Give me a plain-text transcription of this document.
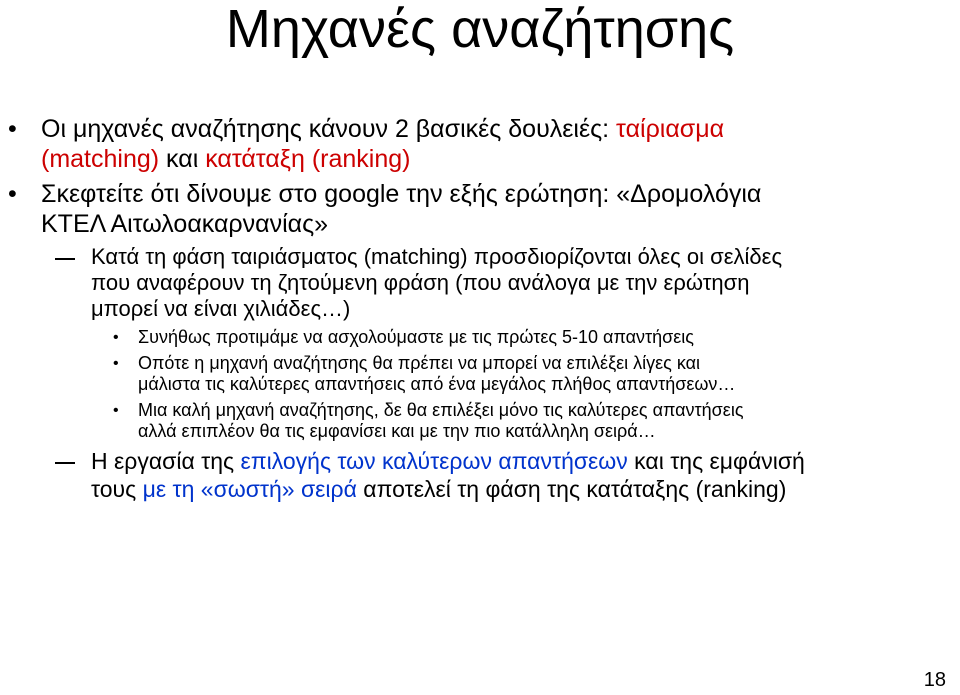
Μηχανές αναζήτησης
• Οι μηχανές αναζήτησης κάνουν 2 βασικές δουλειές: ταίριασμα
(matching) και κατάταξη (ranking)
• Σκεφτείτε ότι δίνουμε στο google την εξής ερώτηση: «Δρομολόγια
ΚΤΕΛ Αιτωλοακαρνανίας»
Κατά τη φάση ταιριάσματος (matching) προσδιορίζονται όλες οι σελίδες
που αναφέρουν τη ζητούμενη φράση (που ανάλογα με την ερώτηση
μπορεί να είναι χιλιάδες…)
• Συνήθως προτιμάμε να ασχολούμαστε με τις πρώτες 5-10 απαντήσεις
• Οπότε η μηχανή αναζήτησης θα πρέπει να μπορεί να επιλέξει λίγες και
μάλιστα τις καλύτερες απαντήσεις από ένα μεγάλος πλήθος απαντήσεων…
• Μια καλή μηχανή αναζήτησης, δε θα επιλέξει μόνο τις καλύτερες απαντήσεις
αλλά επιπλέον θα τις εμφανίσει και με την πιο κατάλληλη σειρά…
Η εργασία της επιλογής των καλύτερων απαντήσεων και της εμφάνισή
τους με τη «σωστή» σειρά αποτελεί τη φάση της κατάταξης (ranking)
18
